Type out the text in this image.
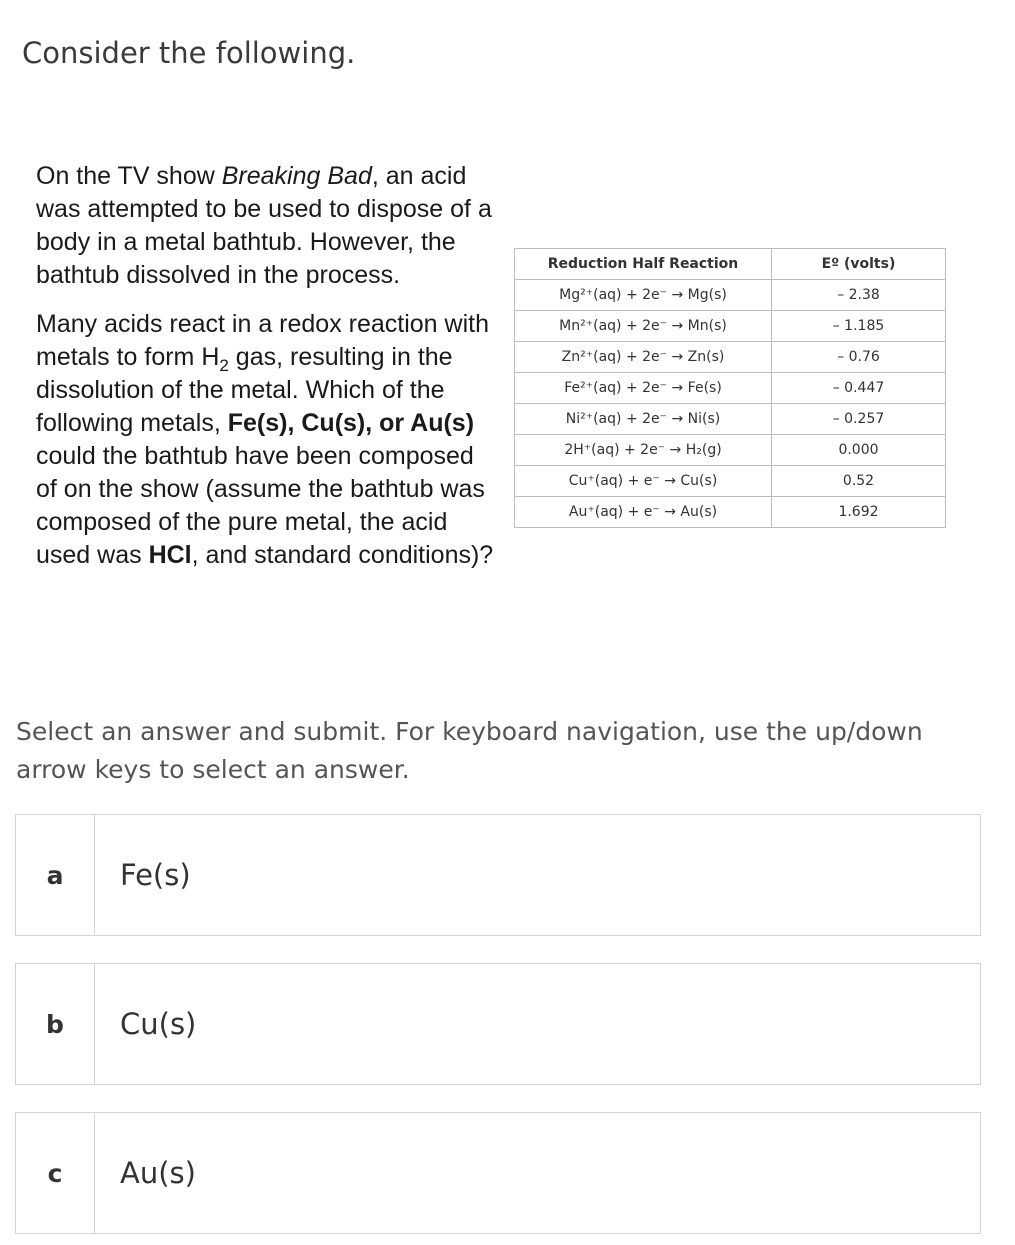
Consider the following.

On the TV show Breaking Bad, an acid was attempted to be used to dispose of a body in a metal bathtub. However, the bathtub dissolved in the process.

Many acids react in a redox reaction with metals to form $H_2$ gas, resulting in the dissolution of the metal. Which of the following metals, Fe(s), Cu(s), or Au(s) could the bathtub have been composed of on the show (assume the bathtub was composed of the pure metal, the acid used was HCl, and standard conditions)?

Reduction Half Reaction	Eº (volts)
Mg²⁺(aq) + 2e⁻ → Mg(s)	– 2.38
Mn²⁺(aq) + 2e⁻ → Mn(s)	– 1.185
Zn²⁺(aq) + 2e⁻ → Zn(s)	– 0.76
Fe²⁺(aq) + 2e⁻ → Fe(s)	– 0.447
Ni²⁺(aq) + 2e⁻ → Ni(s)	– 0.257
2H⁺(aq) + 2e⁻ → H₂(g)	0.000
Cu⁺(aq) + e⁻ → Cu(s)	0.52
Au⁺(aq) + e⁻ → Au(s)	1.692

Select an answer and submit. For keyboard navigation, use the up/down arrow keys to select an answer.

a	Fe(s)
b	Cu(s)
c	Au(s)
